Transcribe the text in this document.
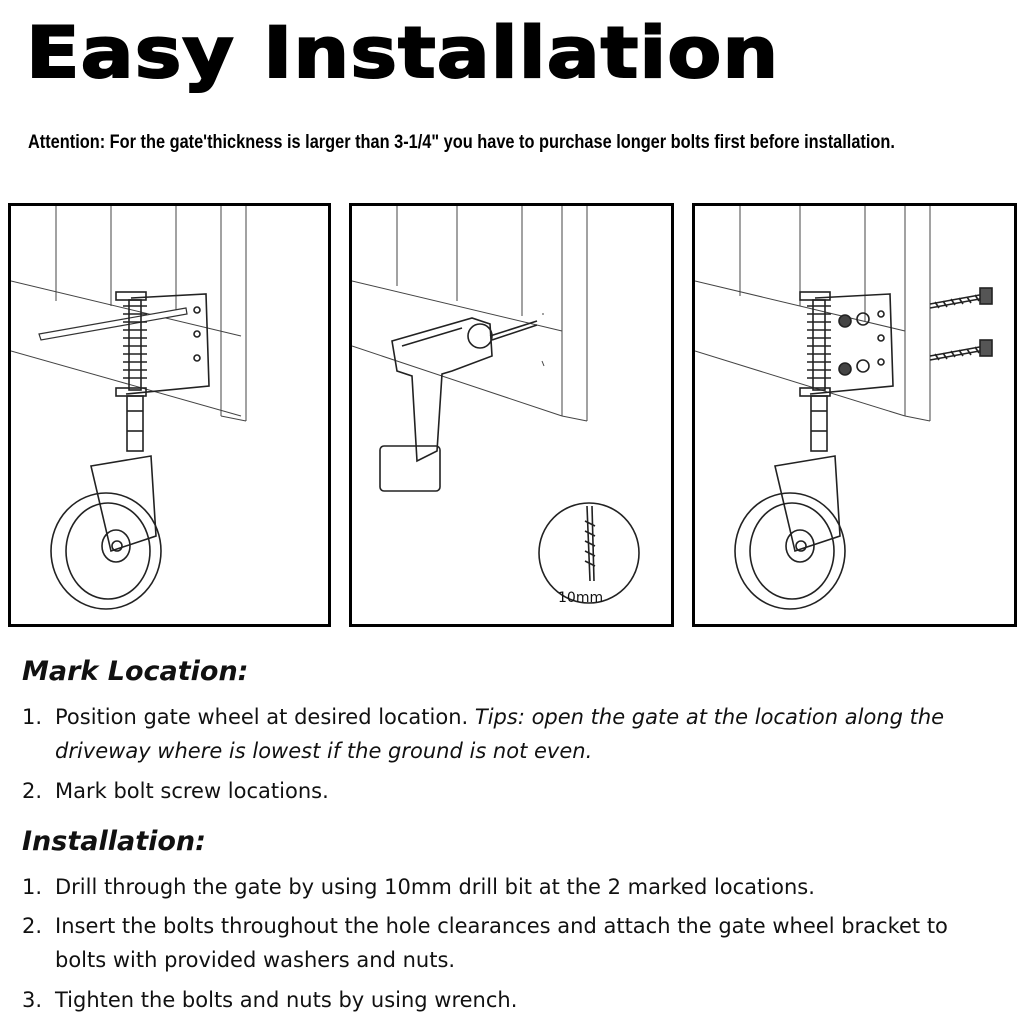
Easy Installation
Attention: For the gate'thickness is larger than 3-1/4" you have to purchase longer bolts first before installation.
10mm
Mark Location:
1. Position gate wheel at desired location. Tips: open the gate at the location along the driveway where is lowest if the ground is not even.
2. Mark bolt screw locations.
Installation:
1. Drill through the gate by using 10mm drill bit at the 2 marked locations.
2. Insert the bolts throughout the hole clearances and attach the gate wheel bracket to bolts with provided washers and nuts.
3. Tighten the bolts and nuts by using wrench.
